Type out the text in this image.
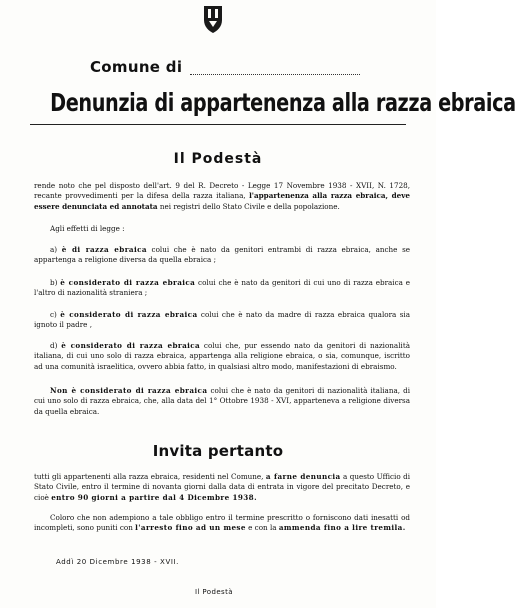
Comune di
Denunzia di appartenenza alla razza ebraica
Il Podestà

rende noto che pel disposto dell'art. 9 del R. Decreto - Legge 17 Novembre 1938 - XVII, N. 1728, recante provvedimenti per la difesa della razza italiana, l'appartenenza alla razza ebraica, deve essere denunciata ed annotata nei registri dello Stato Civile e della popolazione.

Agli effetti di legge :
a) è di razza ebraica colui che è nato da genitori entrambi di razza ebraica, anche se appartenga a religione diversa da quella ebraica ;
b) è considerato di razza ebraica colui che è nato da genitori di cui uno di razza ebraica e l'altro di nazionalità straniera ;
c) è considerato di razza ebraica colui che è nato da madre di razza ebraica qualora sia ignoto il padre ,
d) è considerato di razza ebraica colui che, pur essendo nato da genitori di nazionalità italiana, di cui uno solo di razza ebraica, appartenga alla religione ebraica, o sia, comunque, iscritto ad una comunità israelitica, ovvero abbia fatto, in qualsiasi altro modo, manifestazioni di ebraismo.
Non è considerato di razza ebraica colui che è nato da genitori di nazionalità italiana, di cui uno solo di razza ebraica, che, alla data del 1° Ottobre 1938 - XVI, apparteneva a religione diversa da quella ebraica.
Invita pertanto
tutti gli appartenenti alla razza ebraica, residenti nel Comune, a farne denuncia a questo Ufficio di Stato Civile, entro il termine di novanta giorni dalla data di entrata in vigore del precitato Decreto, e cioè entro 90 giorni a partire dal 4 Dicembre 1938.
Coloro che non adempiono a tale obbligo entro il termine prescritto o forniscono dati inesatti od incompleti, sono puniti con l'arresto fino ad un mese e con la ammenda fino a lire tremila.
Addì 20 Dicembre 1938 - XVII.
Il Podestà
